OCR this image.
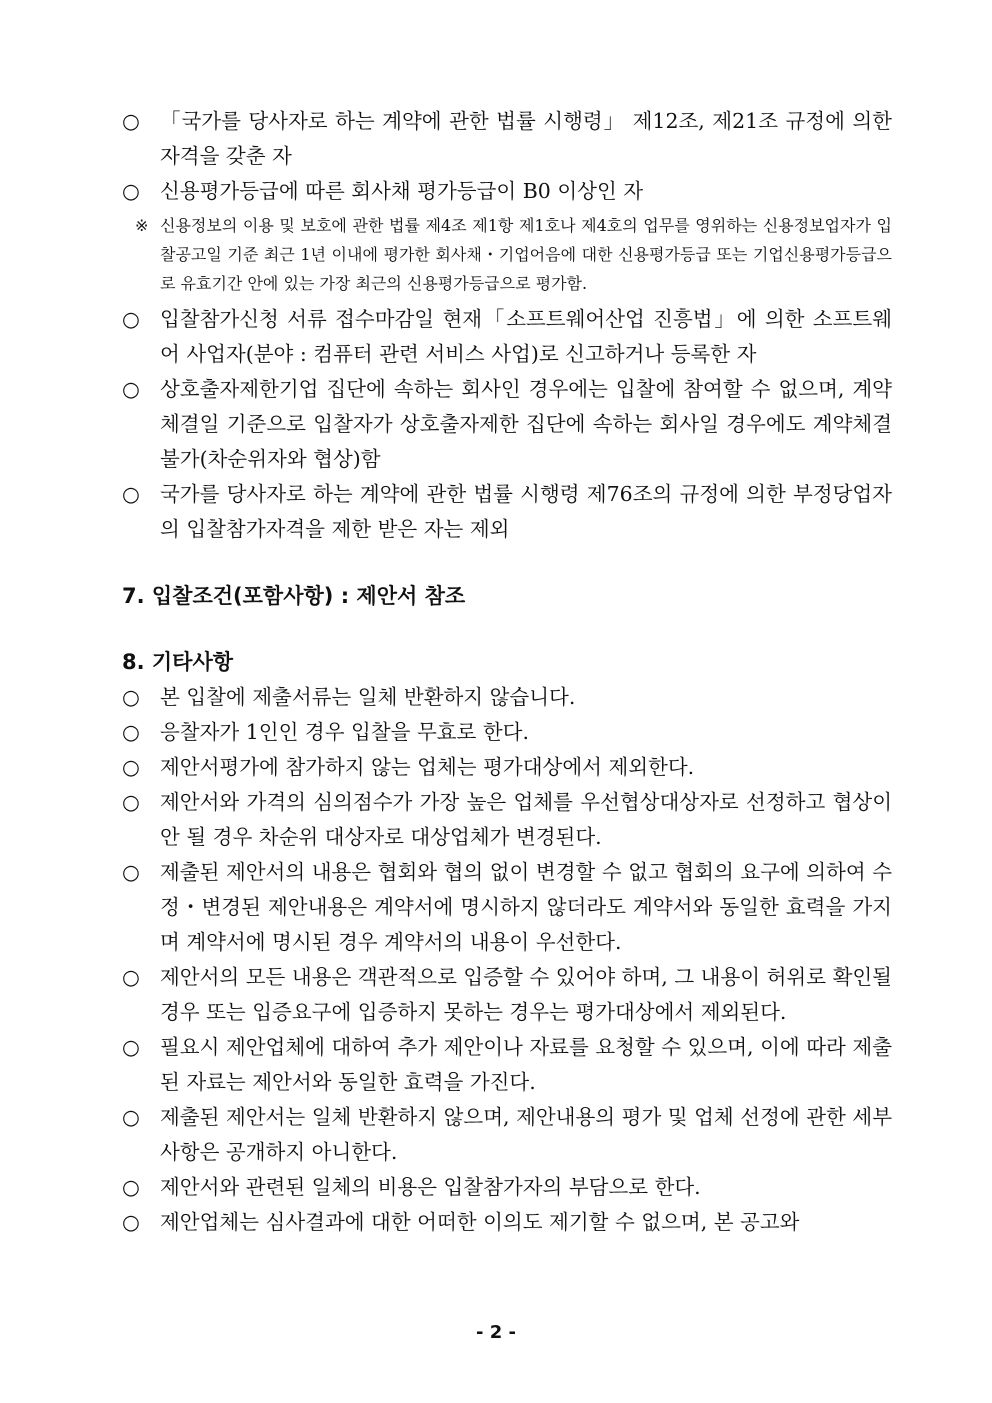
○ 「국가를 당사자로 하는 계약에 관한 법률 시행령」 제12조, 제21조 규정에 의한 자격을 갖춘 자
○ 신용평가등급에 따른 회사채 평가등급이 B0 이상인 자
※ 신용정보의 이용 및 보호에 관한 법률 제4조 제1항 제1호나 제4호의 업무를 영위하는 신용정보업자가 입찰공고일 기준 최근 1년 이내에 평가한 회사채・기업어음에 대한 신용평가등급 또는 기업신용평가등급으로 유효기간 안에 있는 가장 최근의 신용평가등급으로 평가함.
○ 입찰참가신청 서류 접수마감일 현재「소프트웨어산업 진흥법」에 의한 소프트웨어 사업자(분야 : 컴퓨터 관련 서비스 사업)로 신고하거나 등록한 자
○ 상호출자제한기업 집단에 속하는 회사인 경우에는 입찰에 참여할 수 없으며, 계약체결일 기준으로 입찰자가 상호출자제한 집단에 속하는 회사일 경우에도 계약체결 불가(차순위자와 협상)함
○ 국가를 당사자로 하는 계약에 관한 법률 시행령 제76조의 규정에 의한 부정당업자의 입찰참가자격을 제한 받은 자는 제외
7. 입찰조건(포함사항) : 제안서 참조
8. 기타사항
○ 본 입찰에 제출서류는 일체 반환하지 않습니다.
○ 응찰자가 1인인 경우 입찰을 무효로 한다.
○ 제안서평가에 참가하지 않는 업체는 평가대상에서 제외한다.
○ 제안서와 가격의 심의점수가 가장 높은 업체를 우선협상대상자로 선정하고 협상이 안 될 경우 차순위 대상자로 대상업체가 변경된다.
○ 제출된 제안서의 내용은 협회와 협의 없이 변경할 수 없고 협회의 요구에 의하여 수정・변경된 제안내용은 계약서에 명시하지 않더라도 계약서와 동일한 효력을 가지며 계약서에 명시된 경우 계약서의 내용이 우선한다.
○ 제안서의 모든 내용은 객관적으로 입증할 수 있어야 하며, 그 내용이 허위로 확인될 경우 또는 입증요구에 입증하지 못하는 경우는 평가대상에서 제외된다.
○ 필요시 제안업체에 대하여 추가 제안이나 자료를 요청할 수 있으며, 이에 따라 제출된 자료는 제안서와 동일한 효력을 가진다.
○ 제출된 제안서는 일체 반환하지 않으며, 제안내용의 평가 및 업체 선정에 관한 세부사항은 공개하지 아니한다.
○ 제안서와 관련된 일체의 비용은 입찰참가자의 부담으로 한다.
○ 제안업체는 심사결과에 대한 어떠한 이의도 제기할 수 없으며, 본 공고와
- 2 -
